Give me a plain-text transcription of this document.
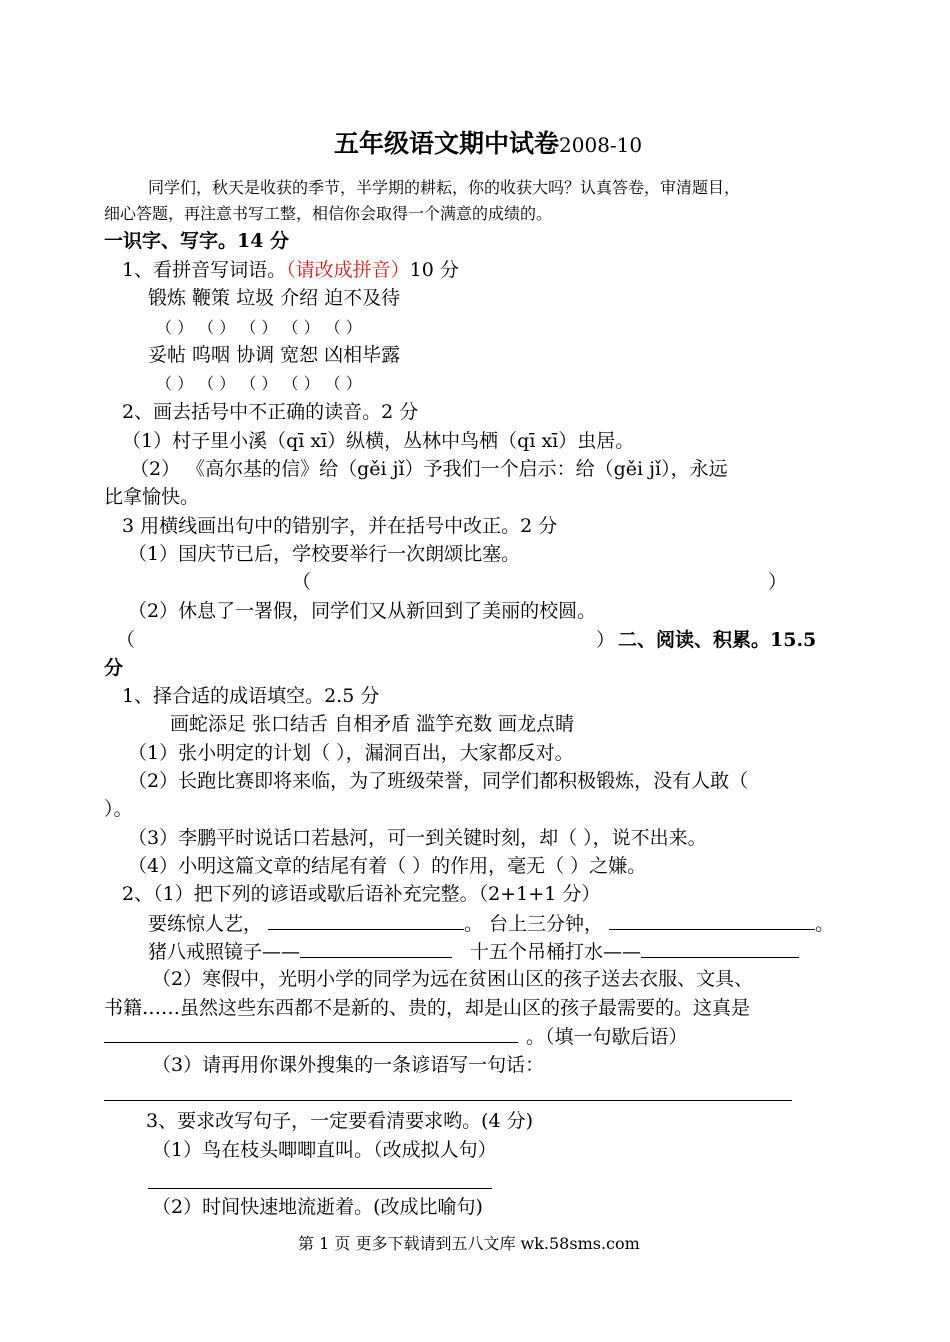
五年级语文期中试卷2008-10
同学们，秋天是收获的季节，半学期的耕耘，你的收获大吗？认真答卷，审清题目，
细心答题，再注意书写工整，相信你会取得一个满意的成绩的。
一识字、写字。14 分
1、看拼音写词语。（请改成拼音）10 分
锻炼 鞭策 垃圾 介绍 迫不及待
（ ） （ ） （ ） （ ） （ ）
妥帖 呜咽 协调 宽恕 凶相毕露
（ ） （ ） （ ） （ ） （ ）
2、画去括号中不正确的读音。2 分
（1）村子里小溪（qī xī）纵横，丛林中鸟栖（qī xī）虫居。
（2） 《高尔基的信》给（gěi jǐ）予我们一个启示：给（gěi jǐ），永远
比拿愉快。
3 用横线画出句中的错别字，并在括号中改正。2 分
（1）国庆节已后，学校要举行一次朗颂比塞。
（	）
（2）休息了一署假，同学们又从新回到了美丽的校圆。
（	） 二、阅读、积累。15.5
分
1、择合适的成语填空。2.5 分
画蛇添足 张口结舌 自相矛盾 滥竽充数 画龙点睛
（1）张小明定的计划（ ），漏洞百出，大家都反对。
（2）长跑比赛即将来临，为了班级荣誉，同学们都积极锻炼，没有人敢（
）。
（3）李鹏平时说话口若悬河，可一到关键时刻，却（ ），说不出来。
（4）小明这篇文章的结尾有着（ ）的作用，毫无（ ）之嫌。
2、（1）把下列的谚语或歇后语补充完整。（2+1+1 分）
要练惊人艺，	。 台上三分钟，	。
猪八戒照镜子——	十五个吊桶打水——
（2）寒假中，光明小学的同学为远在贫困山区的孩子送去衣服、文具、
书籍……虽然这些东西都不是新的、贵的，却是山区的孩子最需要的。这真是
。（填一句歇后语）
（3）请再用你课外搜集的一条谚语写一句话：
3、要求改写句子，一定要看清要求哟。(4 分)
（1）鸟在枝头唧唧直叫。（改成拟人句）
（2）时间快速地流逝着。(改成比喻句)
第 1 页 更多下载请到五八文库 wk.58sms.com
